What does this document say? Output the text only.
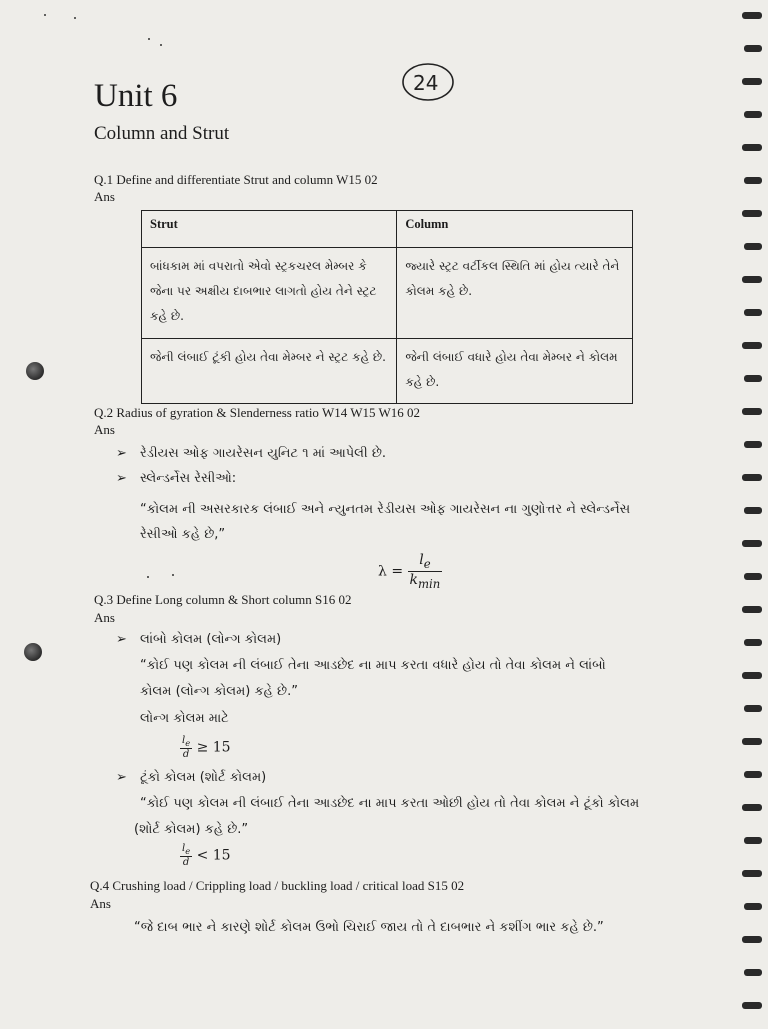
Unit 6
Column and Strut
24
Q.1 Define and differentiate Strut and column W15 02
Ans
Strut	Column
બાંધકામ માં વપરાતો એવો સ્ટ્રકચરલ મેમ્બર કે જેના પર અક્ષીય દાબભાર લાગતો હોય તેને સ્ટ્રટ કહે છે.	જ્યારે સ્ટ્રટ વર્ટીકલ સ્થિતિ માં હોય ત્યારે તેને કોલમ કહે છે.
જેની લંબાઈ ટૂંકી હોય તેવા મેમ્બર ને સ્ટ્રટ કહે છે.	જેની લંબાઈ વધારે હોય તેવા મેમ્બર ને કોલમ કહે છે.
Q.2 Radius of gyration & Slenderness ratio W14 W15 W16 02
Ans
➢ રેડીયસ ઓફ ગાયરેસન યુનિટ ૧ માં આપેલી છે.
➢ સ્લેન્ડર્નેસ રેસીઓ:
“કોલમ ની અસરકારક લંબાઈ અને ન્યુનતમ રેડીયસ ઓફ ગાયરેસન ના ગુણોત્તર ને સ્લેન્ડર્નેસ
રેસીઓ કહે છે,”
$\lambda = \frac{l_e}{k_{min}}$
Q.3 Define Long column & Short column S16 02
Ans
➢ લાંબો કોલમ (લોન્ગ કોલમ)
“કોઈ પણ કોલમ ની લંબાઈ તેના આડછેદ ના માપ કરતા વધારે હોય તો તેવા કોલમ ને લાંબો
કોલમ (લોન્ગ કોલમ) કહે છે.”
લોન્ગ કોલમ માટે
$\frac{l_e}{d} \ge 15$
➢ ટૂંકો કોલમ (શોર્ટ કોલમ)
“કોઈ પણ કોલમ ની લંબાઈ તેના આડછેદ ના માપ કરતા ઓછી હોય તો તેવા કોલમ ને ટૂંકો કોલમ
(શોર્ટ કોલમ) કહે છે.”
$\frac{l_e}{d} < 15$
Q.4 Crushing load / Crippling load / buckling load / critical load S15 02
Ans
“જે દાબ ભાર ને કારણે શોર્ટ કોલમ ઉભો ચિરાઈ જાય તો તે દાબભાર ને કશીંગ ભાર કહે છે.”
